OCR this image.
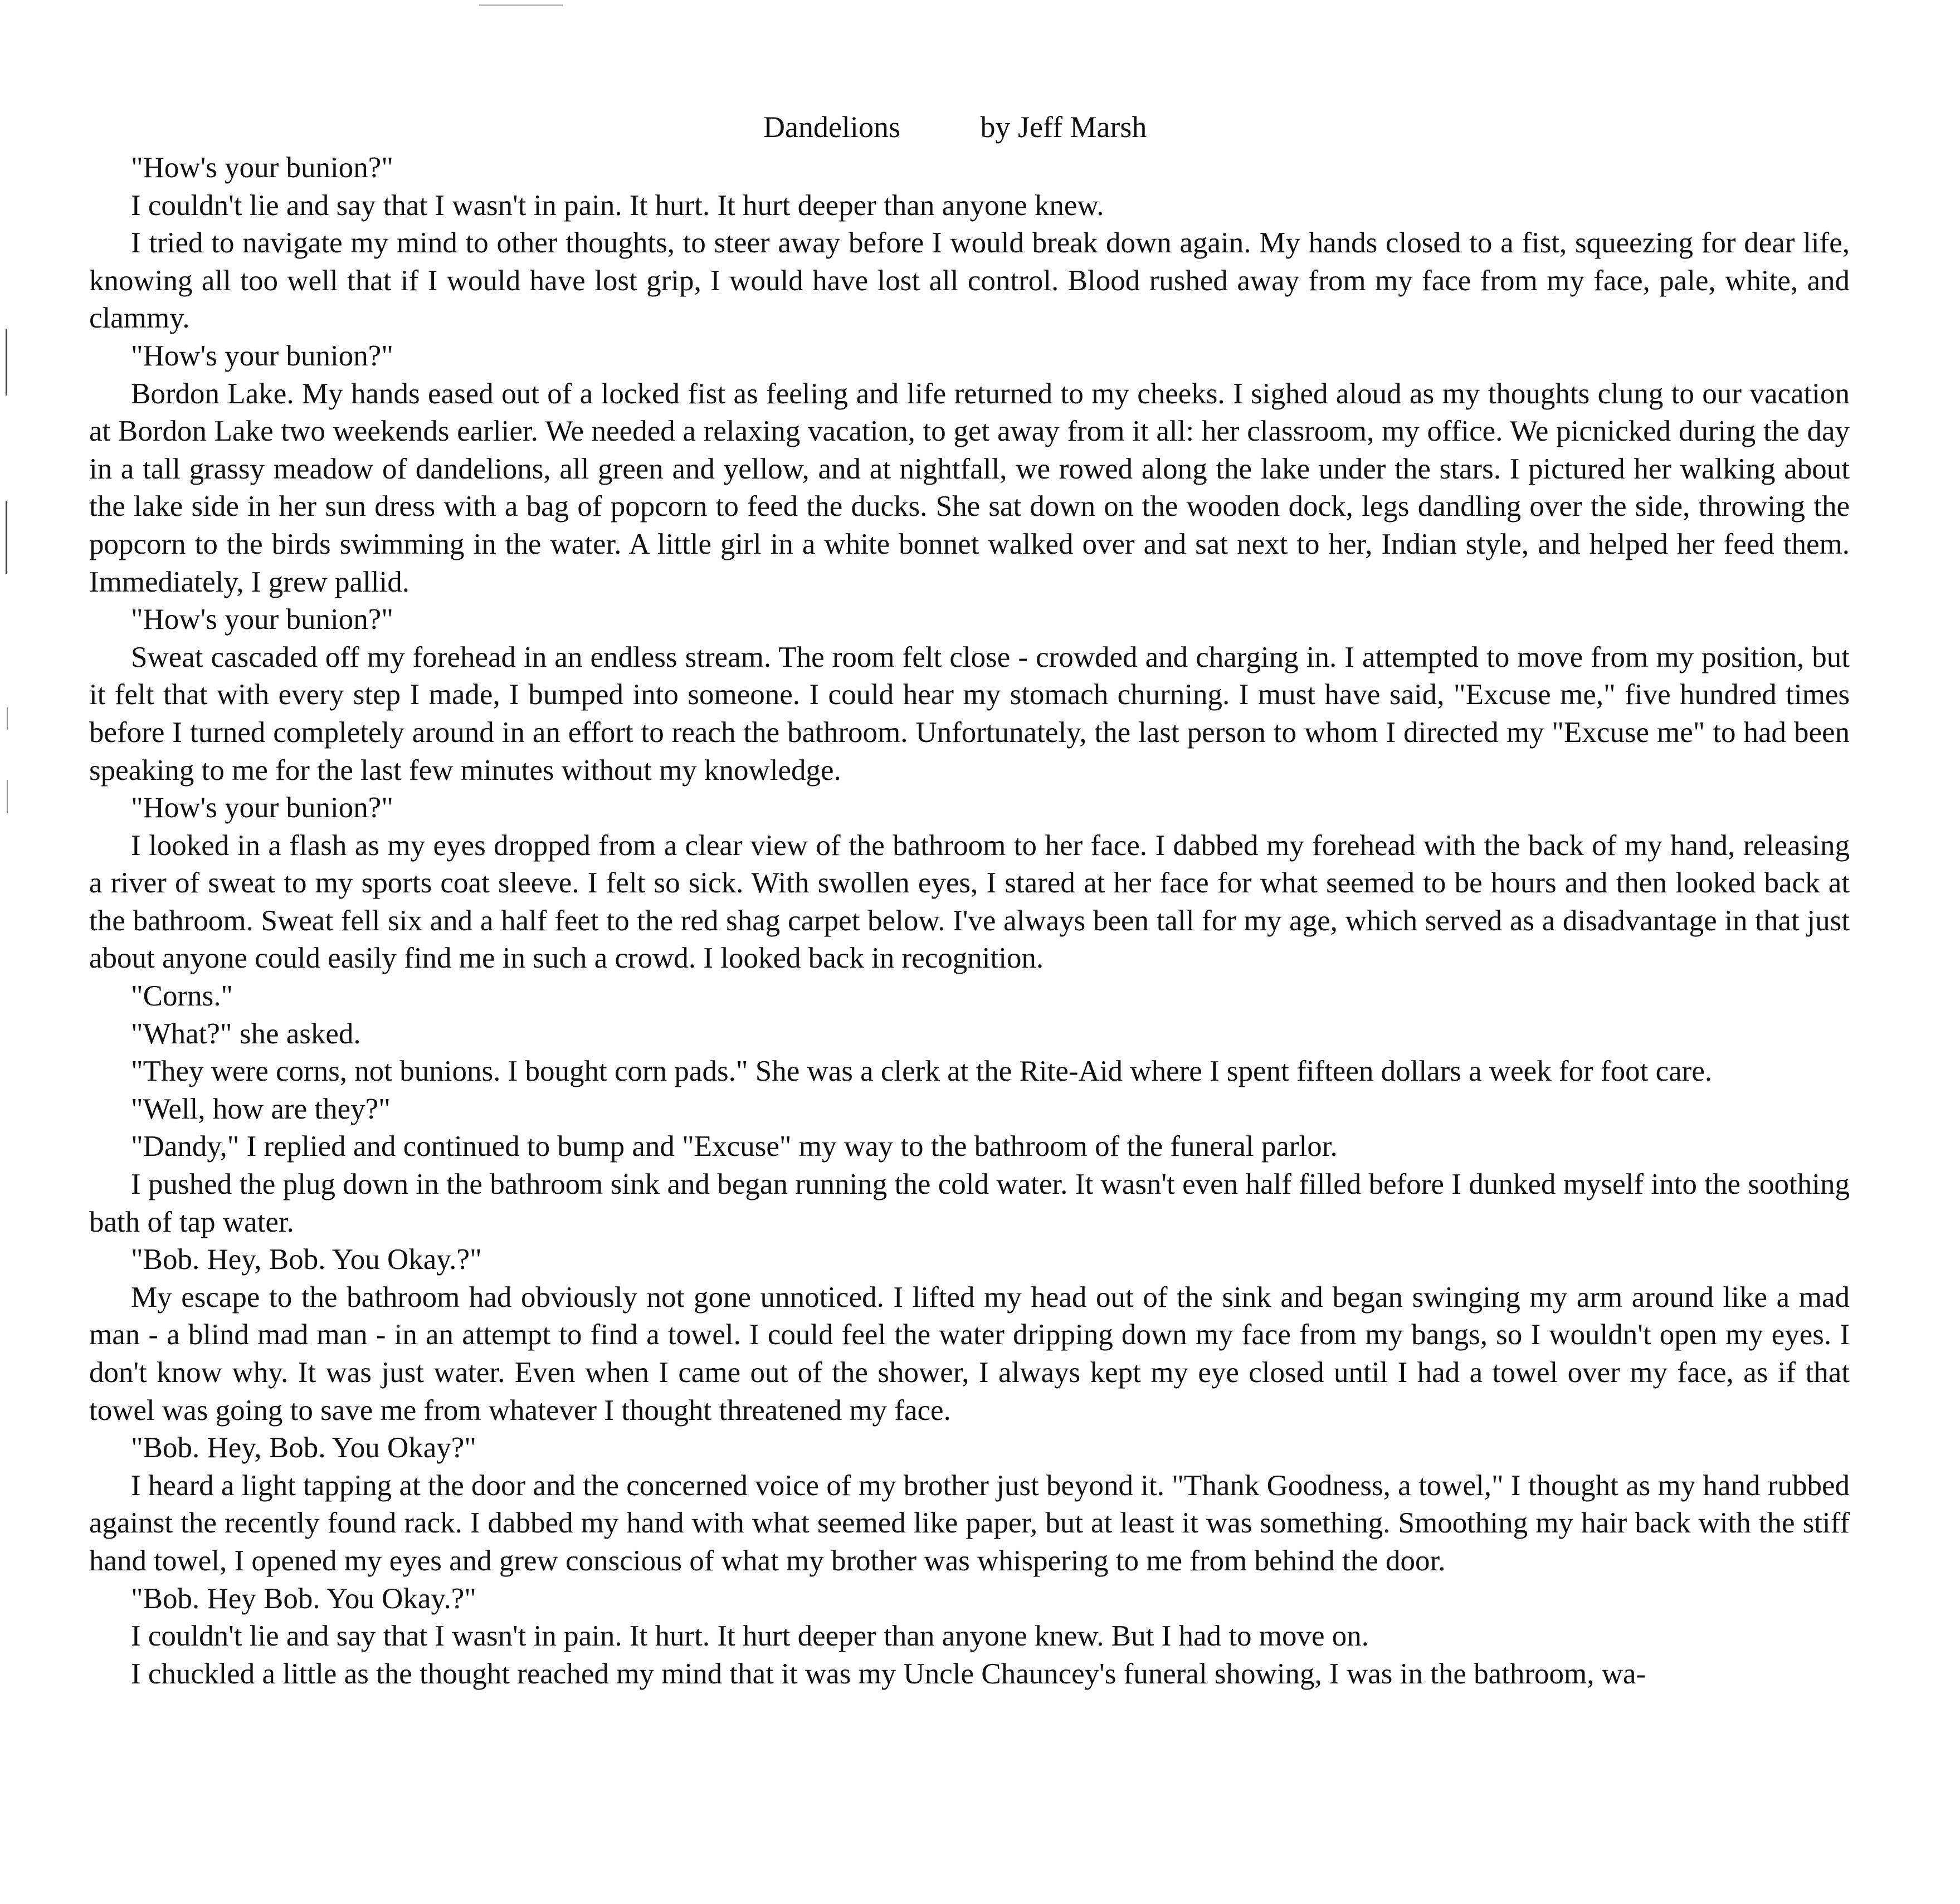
Dandelions	by Jeff Marsh

"How's your bunion?"

I couldn't lie and say that I wasn't in pain. It hurt. It hurt deeper than anyone knew.

I tried to navigate my mind to other thoughts, to steer away before I would break down again. My hands closed to a fist, squeezing for dear life, knowing all too well that if I would have lost grip, I would have lost all control. Blood rushed away from my face from my face, pale, white, and clammy.

"How's your bunion?"

Bordon Lake. My hands eased out of a locked fist as feeling and life returned to my cheeks. I sighed aloud as my thoughts clung to our vacation at Bordon Lake two weekends earlier. We needed a relaxing vacation, to get away from it all: her classroom, my office. We picnicked during the day in a tall grassy meadow of dandelions, all green and yellow, and at nightfall, we rowed along the lake under the stars. I pictured her walking about the lake side in her sun dress with a bag of popcorn to feed the ducks. She sat down on the wooden dock, legs dandling over the side, throwing the popcorn to the birds swimming in the water. A little girl in a white bonnet walked over and sat next to her, Indian style, and helped her feed them. Immediately, I grew pallid.

"How's your bunion?"

Sweat cascaded off my forehead in an endless stream. The room felt close - crowded and charging in. I attempted to move from my position, but it felt that with every step I made, I bumped into someone. I could hear my stomach churning. I must have said, "Excuse me," five hundred times before I turned completely around in an effort to reach the bathroom. Unfortunately, the last person to whom I directed my "Excuse me" to had been speaking to me for the last few minutes without my knowledge.

"How's your bunion?"

I looked in a flash as my eyes dropped from a clear view of the bathroom to her face. I dabbed my forehead with the back of my hand, releasing a river of sweat to my sports coat sleeve. I felt so sick. With swollen eyes, I stared at her face for what seemed to be hours and then looked back at the bathroom. Sweat fell six and a half feet to the red shag carpet below. I've always been tall for my age, which served as a disadvantage in that just about anyone could easily find me in such a crowd. I looked back in recognition.

"Corns."

"What?" she asked.

"They were corns, not bunions. I bought corn pads." She was a clerk at the Rite-Aid where I spent fifteen dollars a week for foot care.

"Well, how are they?"

"Dandy," I replied and continued to bump and "Excuse" my way to the bathroom of the funeral parlor.

I pushed the plug down in the bathroom sink and began running the cold water. It wasn't even half filled before I dunked myself into the soothing bath of tap water.

"Bob. Hey, Bob. You Okay.?"

My escape to the bathroom had obviously not gone unnoticed. I lifted my head out of the sink and began swinging my arm around like a mad man - a blind mad man - in an attempt to find a towel. I could feel the water dripping down my face from my bangs, so I wouldn't open my eyes. I don't know why. It was just water. Even when I came out of the shower, I always kept my eye closed until I had a towel over my face, as if that towel was going to save me from whatever I thought threatened my face.

"Bob. Hey, Bob. You Okay?"

I heard a light tapping at the door and the concerned voice of my brother just beyond it. "Thank Goodness, a towel," I thought as my hand rubbed against the recently found rack. I dabbed my hand with what seemed like paper, but at least it was something. Smoothing my hair back with the stiff hand towel, I opened my eyes and grew conscious of what my brother was whispering to me from behind the door.

"Bob. Hey Bob. You Okay.?"

I couldn't lie and say that I wasn't in pain. It hurt. It hurt deeper than anyone knew. But I had to move on.

I chuckled a little as the thought reached my mind that it was my Uncle Chauncey's funeral showing, I was in the bathroom, wa-
